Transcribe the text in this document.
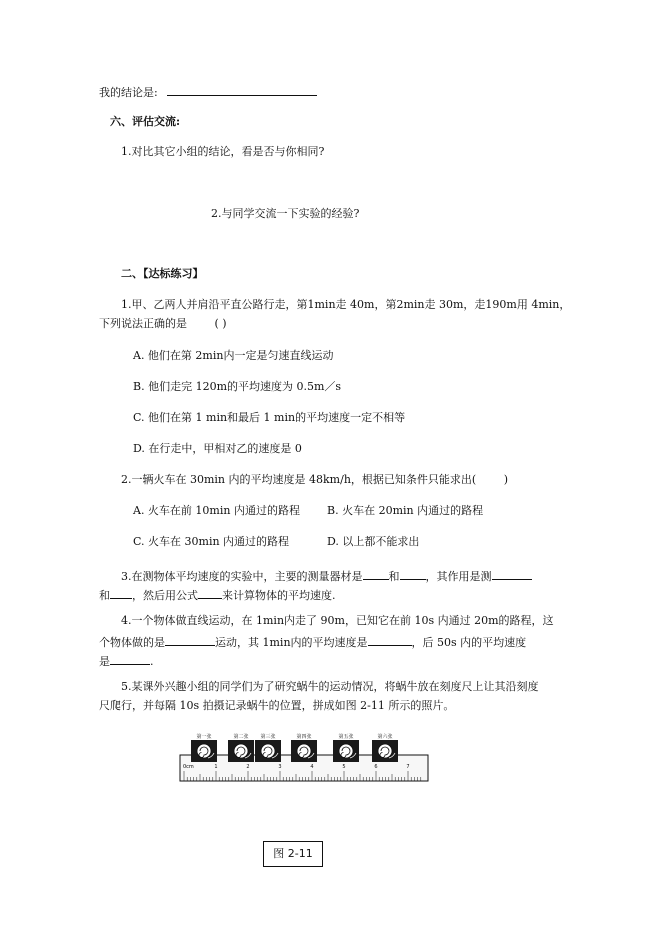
我的结论是:
六、评估交流:
1.对比其它小组的结论，看是否与你相同?
2.与同学交流一下实验的经验?
二、【达标练习】
1.甲、乙两人并肩沿平直公路行走，第1min走 40m，第2min走 30m，走190m用 4min，
下列说法正确的是	( )
A. 他们在第 2min内一定是匀速直线运动
B. 他们走完 120m的平均速度为 0.5m／s
C. 他们在第 1 min和最后 1 min的平均速度一定不相等
D. 在行走中，甲相对乙的速度是 0
2.一辆火车在 30min 内的平均速度是 48km/h，根据已知条件只能求出(	)
A. 火车在前 10min 内通过的路程 B. 火车在 20min 内通过的路程
C. 火车在 30min 内通过的路程	D. 以上都不能求出
3.在测物体平均速度的实验中，主要的测量器材是 和 ，其作用是测
和 ，然后用公式 来计算物体的平均速度.
4.一个物体做直线运动，在 1min内走了 90m，已知它在前 10s 内通过 20m的路程，这
个物体做的是	运动，其 1min内的平均速度是	，后 50s 内的平均速度
是	.
5.某课外兴趣小组的同学们为了研究蜗牛的运动情况，将蜗牛放在刻度尺上让其沿刻度
尺爬行，并每隔 10s 拍摄记录蜗牛的位置，拼成如图 2-11 所示的照片。
第一张	第二张 第三张	第四张	第五张	第六张
0cm	1	2	3	4	5	6	7
图 2-11
